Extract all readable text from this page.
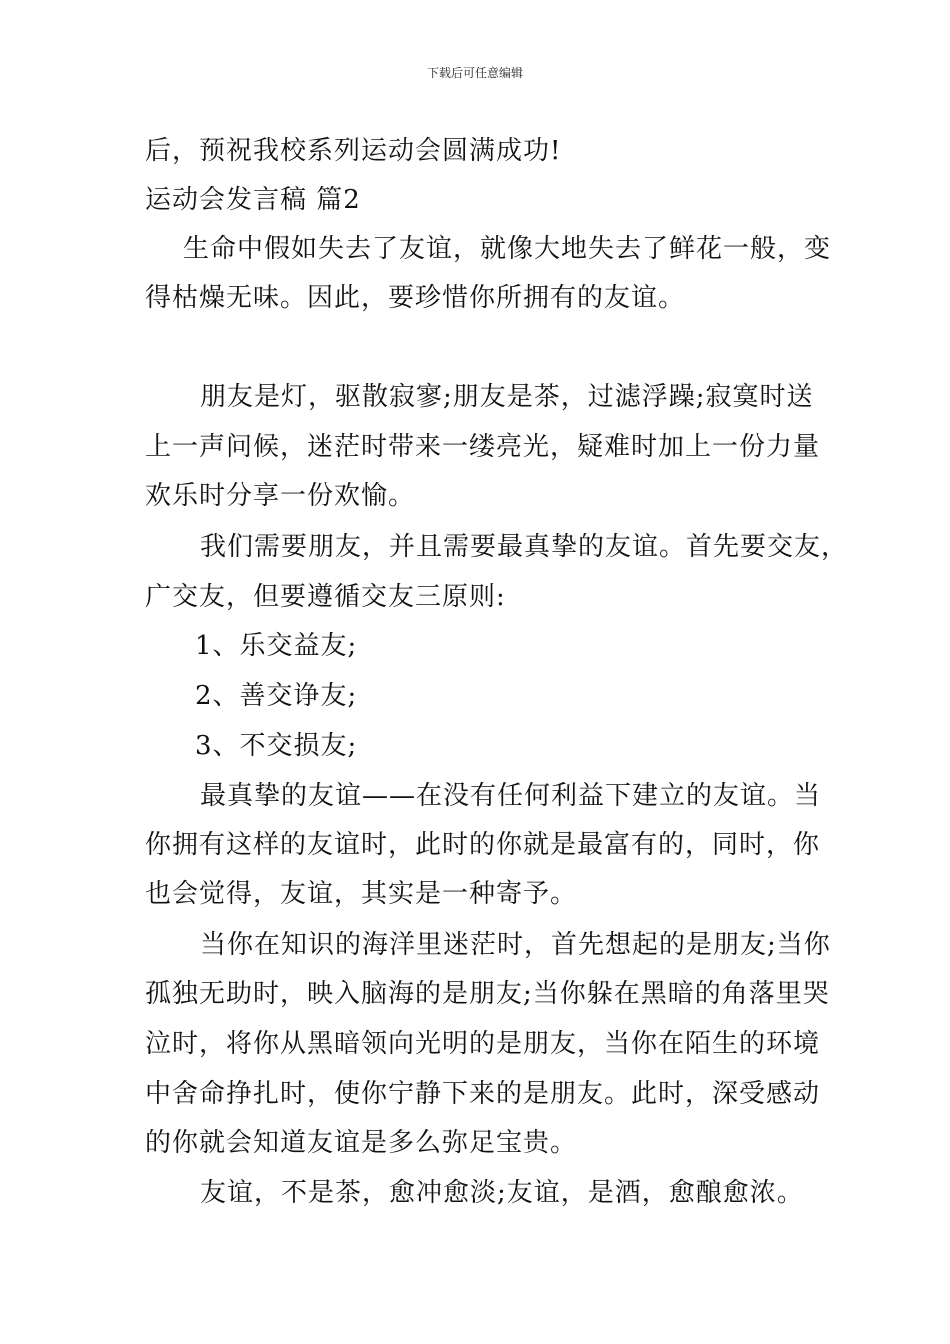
下载后可任意编辑
后，预祝我校系列运动会圆满成功!
运动会发言稿 篇2
生命中假如失去了友谊，就像大地失去了鲜花一般，变
得枯燥无味。因此，要珍惜你所拥有的友谊。
朋友是灯，驱散寂寥;朋友是茶，过滤浮躁;寂寞时送
上一声问候，迷茫时带来一缕亮光，疑难时加上一份力量
欢乐时分享一份欢愉。
我们需要朋友，并且需要最真挚的友谊。首先要交友，
广交友，但要遵循交友三原则:
1、乐交益友;
2、善交诤友;
3、不交损友;
最真挚的友谊——在没有任何利益下建立的友谊。当
你拥有这样的友谊时，此时的你就是最富有的，同时，你
也会觉得，友谊，其实是一种寄予。
当你在知识的海洋里迷茫时，首先想起的是朋友;当你
孤独无助时，映入脑海的是朋友;当你躲在黑暗的角落里哭
泣时，将你从黑暗领向光明的是朋友，当你在陌生的环境
中舍命挣扎时，使你宁静下来的是朋友。此时，深受感动
的你就会知道友谊是多么弥足宝贵。
友谊，不是茶，愈冲愈淡;友谊，是酒，愈酿愈浓。
